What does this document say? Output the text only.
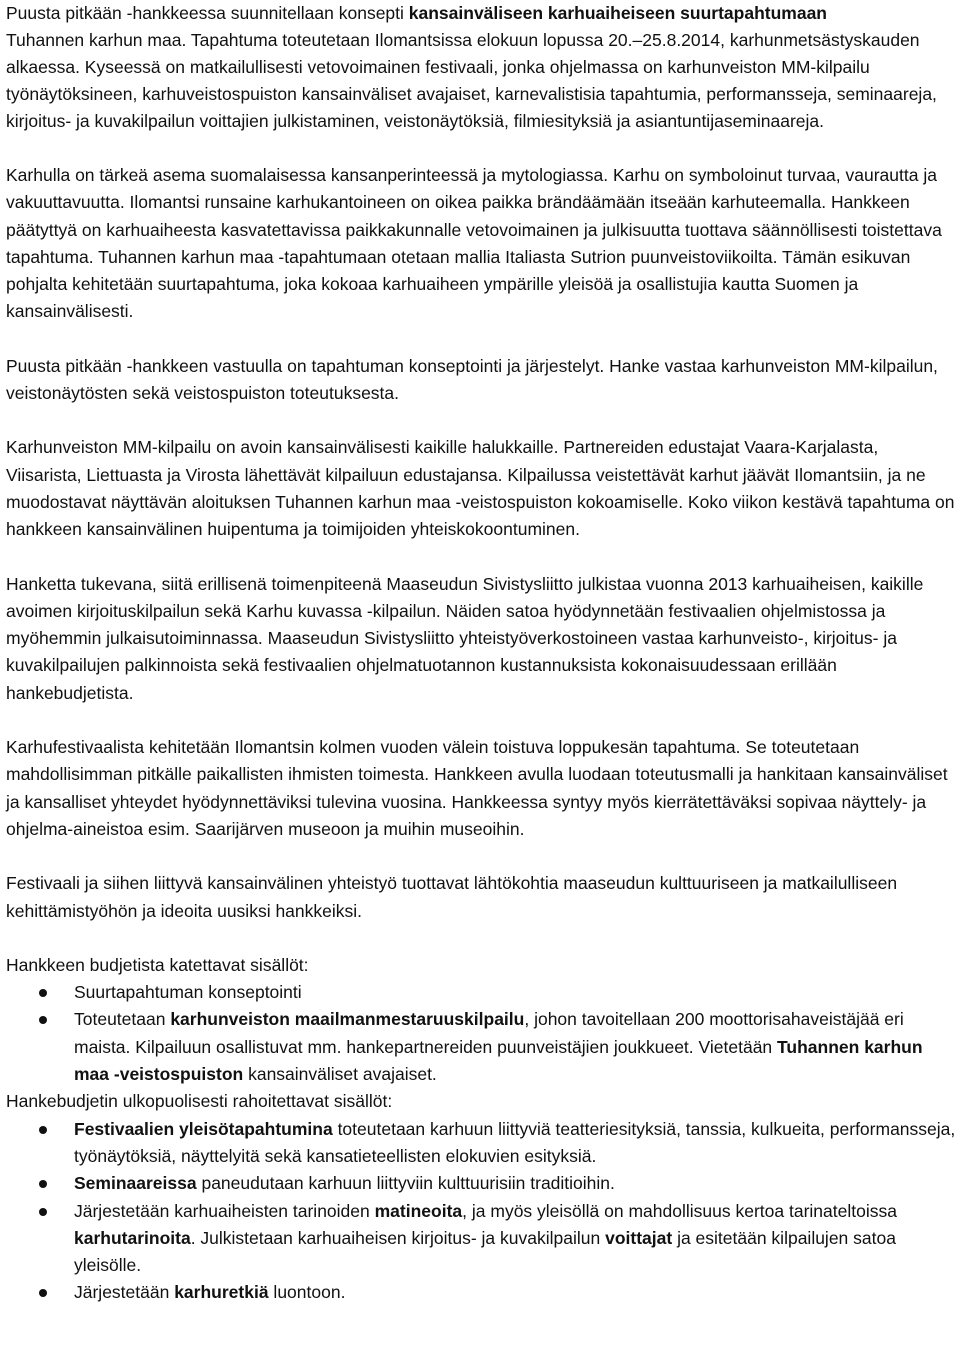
Puusta pitkään -hankkeessa suunnitellaan konsepti kansainväliseen karhuaiheiseen suurtapahtumaan
Tuhannen karhun maa. Tapahtuma toteutetaan Ilomantsissa elokuun lopussa 20.–25.8.2014, karhunmetsästyskauden alkaessa. Kyseessä on matkailullisesti vetovoimainen festivaali, jonka ohjelmassa on karhunveiston MM-kilpailu työnäytöksineen, karhuveistospuiston kansainväliset avajaiset, karnevalistisia tapahtumia, performansseja, seminaareja, kirjoitus- ja kuvakilpailun voittajien julkistaminen, veistonäytöksiä, filmiesityksiä ja asiantuntijaseminaareja.

Karhulla on tärkeä asema suomalaisessa kansanperinteessä ja mytologiassa. Karhu on symboloinut turvaa, vaurautta ja vakuuttavuutta. Ilomantsi runsaine karhukantoineen on oikea paikka brändäämään itseään karhuteemalla. Hankkeen päätyttyä on karhuaiheesta kasvatettavissa paikkakunnalle vetovoimainen ja julkisuutta tuottava säännöllisesti toistettava tapahtuma. Tuhannen karhun maa -tapahtumaan otetaan mallia Italiasta Sutrion puunveistoviikoilta. Tämän esikuvan pohjalta kehitetään suurtapahtuma, joka kokoaa karhuaiheen ympärille yleisöä ja osallistujia kautta Suomen ja kansainvälisesti.

Puusta pitkään -hankkeen vastuulla on tapahtuman konseptointi ja järjestelyt. Hanke vastaa karhunveiston MM-kilpailun, veistonäytösten sekä veistospuiston toteutuksesta.

Karhunveiston MM-kilpailu on avoin kansainvälisesti kaikille halukkaille. Partnereiden edustajat Vaara-Karjalasta, Viisarista, Liettuasta ja Virosta lähettävät kilpailuun edustajansa. Kilpailussa veistettävät karhut jäävät Ilomantsiin, ja ne muodostavat näyttävän aloituksen Tuhannen karhun maa -veistospuiston kokoamiselle. Koko viikon kestävä tapahtuma on hankkeen kansainvälinen huipentuma ja toimijoiden yhteiskokoontuminen.

Hanketta tukevana, siitä erillisenä toimenpiteenä Maaseudun Sivistysliitto julkistaa vuonna 2013 karhuaiheisen, kaikille avoimen kirjoituskilpailun sekä Karhu kuvassa -kilpailun. Näiden satoa hyödynnetään festivaalien ohjelmistossa ja myöhemmin julkaisutoiminnassa. Maaseudun Sivistysliitto yhteistyöverkostoineen vastaa karhunveisto-, kirjoitus- ja kuvakilpailujen palkinnoista sekä festivaalien ohjelmatuotannon kustannuksista kokonaisuudessaan erillään hankebudjetista.

Karhufestivaalista kehitetään Ilomantsin kolmen vuoden välein toistuva loppukesän tapahtuma. Se toteutetaan mahdollisimman pitkälle paikallisten ihmisten toimesta. Hankkeen avulla luodaan toteutusmalli ja hankitaan kansainväliset ja kansalliset yhteydet hyödynnettäviksi tulevina vuosina. Hankkeessa syntyy myös kierrätettäväksi sopivaa näyttely- ja ohjelma-aineistoa esim. Saarijärven museoon ja muihin museoihin.

Festivaali ja siihen liittyvä kansainvälinen yhteistyö tuottavat lähtökohtia maaseudun kulttuuriseen ja matkailulliseen kehittämistyöhön ja ideoita uusiksi hankkeiksi.

Hankkeen budjetista katettavat sisällöt:

Suurtapahtuman konseptointi
Toteutetaan karhunveiston maailmanmestaruuskilpailu, johon tavoitellaan 200 moottorisahaveistäjää eri maista. Kilpailuun osallistuvat mm. hankepartnereiden puunveistäjien joukkueet. Vietetään Tuhannen karhun maa -veistospuiston kansainväliset avajaiset.

Hankebudjetin ulkopuolisesti rahoitettavat sisällöt:

Festivaalien yleisötapahtumina toteutetaan karhuun liittyviä teatteriesityksiä, tanssia, kulkueita, performansseja, työnäytöksiä, näyttelyitä sekä kansatieteellisten elokuvien esityksiä.
Seminaareissa paneudutaan karhuun liittyviin kulttuurisiin traditioihin.
Järjestetään karhuaiheisten tarinoiden matineoita, ja myös yleisöllä on mahdollisuus kertoa tarinateltoissa karhutarinoita. Julkistetaan karhuaiheisen kirjoitus- ja kuvakilpailun voittajat ja esitetään kilpailujen satoa yleisölle.
Järjestetään karhuretkiä luontoon.
